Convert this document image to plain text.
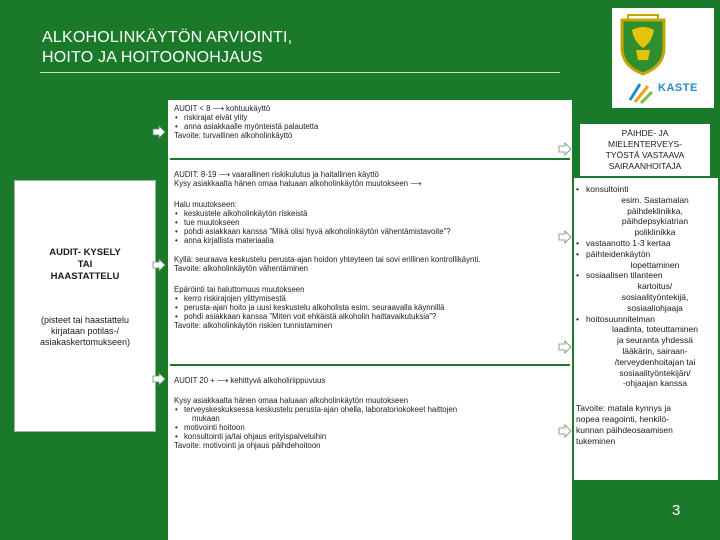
ALKOHOLINKÄYTÖN ARVIOINTI,
HOITO JA HOITOONOHJAUS
KASTE
AUDIT- KYSELY
TAI
HAASTATTELU
(pisteet tai haastattelu
kirjataan potilas-/
asiakaskertomukseen)
AUDIT < 8 ⟶ kohtuukäyttö
• riskirajat eivät ylity
• anna asiakkaalle myönteistä palautetta
Tavoite: turvallinen alkoholinkäyttö
AUDIT: 8-19 ⟶ vaarallinen riskikulutus ja haitallinen käyttö
Kysy asiakkaalta hänen omaa haluaan alkoholinkäytön muutokseen ⟶
Halu muutokseen:
• keskustele alkoholinkäytön riskeistä
• tue muutokseen
• pohdi asiakkaan kanssa ”Mikä olisi hyvä alkoholinkäytön vähentämistavoite”?
• anna kirjallista materiaalia
Kyllä: seuraava keskustelu perusta-ajan hoidon yhteyteen tai sovi erillinen kontrollikäynti.
Tavoite: alkoholinkäytön vähentäminen
Epäröinti tai haluttomuus muutokseen
• kerro riskirajojen ylittymisestä
• perusta-ajan hoito ja uusi keskustelu alkoholista esim. seuraavalla käynnillä
• pohdi asiakkaan kanssa ”Miten voit ehkäistä alkoholin haittavaikutuksia”?
Tavoite: alkoholinkäytön riskien tunnistaminen
AUDIT 20 + ⟶ kehittyvä alkoholiriippuvuus
Kysy asiakkaalta hänen omaa haluaan alkoholinkäytön muutokseen
• terveyskeskuksessa keskustelu perusta-ajan ohella, laboratoriokokeet haittojen
mukaan
• motivointi hoitoon
• konsultointi ja/tai ohjaus erityispalveluihin
Tavoite: motivointi ja ohjaus päihdehoitoon
PÄIHDE- JA
MIELENTERVEYS-
TYÖSTÄ VASTAAVA
SAIRAANHOITAJA
• konsultointi
esim. Sastamalan
päihdeklinikka,
päihdepsykiatrian
poliklinikka
• vastaanotto 1-3 kertaa
• päihteidenkäytön
lopettaminen
• sosiaalisen tilanteen
kartoitus/
sosiaalityöntekijä,
sosiaaliohjaaja
• hoitosuunnitelman
laadinta, toteuttaminen
ja seuranta yhdessä
lääkärin, sairaan-
/terveydenhoitajan tai
sosiaalityöntekijän/
-ohjaajan kanssa
Tavoite: matala kynnys ja
nopea reagointi, henkilö-
kunnan päihdeosaamisen
tukeminen
3
